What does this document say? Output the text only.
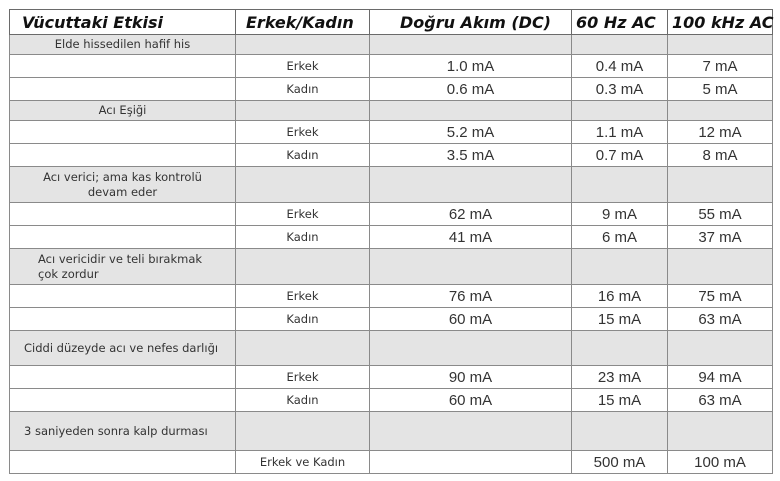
Vücuttaki Etkisi	Erkek/Kadın	Doğru Akım (DC)	60 Hz AC	100 kHz AC
Elde hissedilen hafif his				
	Erkek	1.0 mA	0.4 mA	7 mA
	Kadın	0.6 mA	0.3 mA	5 mA
Acı Eşiği				
	Erkek	5.2 mA	1.1 mA	12 mA
	Kadın	3.5 mA	0.7 mA	8 mA
Acı verici; ama kas kontrolü
devam eder				
	Erkek	62 mA	9 mA	55 mA
	Kadın	41 mA	6 mA	37 mA
Acı vericidir ve teli bırakmak
çok zordur				
	Erkek	76 mA	16 mA	75 mA
	Kadın	60 mA	15 mA	63 mA
Ciddi düzeyde acı ve nefes darlığı				
	Erkek	90 mA	23 mA	94 mA
	Kadın	60 mA	15 mA	63 mA
3 saniyeden sonra kalp durması				
	Erkek ve Kadın		500 mA	100 mA
